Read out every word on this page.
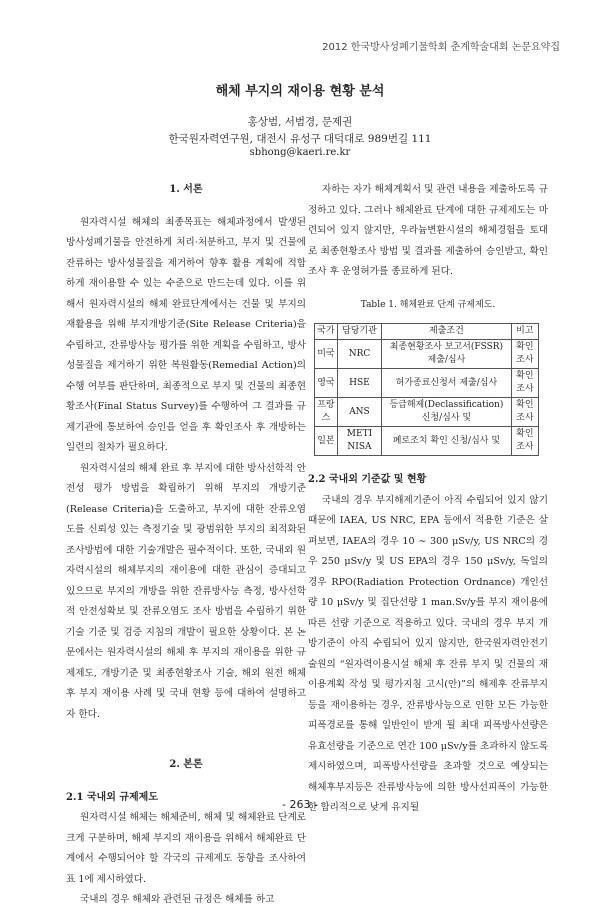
2012 한국방사성폐기물학회 춘계학술대회 논문요약집
해체 부지의 재이용 현황 분석
홍상범, 서범경, 문제권
한국원자력연구원, 대전시 유성구 대덕대로 989번길 111
sbhong@kaeri.re.kr
1. 서론

원자력시설 해체의 최종목표는 해체과정에서 발생된 방사성폐기물을 안전하게 처리·처분하고, 부지 및 건물에 잔류하는 방사성물질을 제거하여 향후 활용 계획에 적합하게 재이용할 수 있는 수준으로 만드는데 있다. 이를 위해서 원자력시설의 해체 완료단계에서는 건물 및 부지의 재활용을 위해 부지개방기준(Site Release Criteria)을 수립하고, 잔류방사능 평가를 위한 계획을 수립하고, 방사성물질을 제거하기 위한 복원활동(Remedial Action)의 수행 여부를 판단하며, 최종적으로 부지 및 건물의 최종현황조사(Final Status Survey)를 수행하여 그 결과를 규제기관에 통보하여 승인을 얻을 후 확인조사 후 개방하는 일련의 절차가 필요하다.

원자력시설의 해체 완료 후 부지에 대한 방사선학적 안전성 평가 방법을 확립하기 위해 부지의 개방기준(Release Criteria)을 도출하고, 부지에 대한 잔류오염도를 신뢰성 있는 측정기술 및 광범위한 부지의 최적화된 조사방법에 대한 기술개발은 필수적이다. 또한, 국내외 원자력시설의 해체부지의 재이용에 대한 관심이 증대되고 있으므로 부지의 개방을 위한 잔류방사능 측정, 방사선학적 안전성확보 및 잔류오염도 조사 방법을 수립하기 위한 기술 기준 및 검증 지침의 개발이 필요한 상황이다. 본 논문에서는 원자력시설의 해체 후 부지의 재이용을 위한 규제제도, 개방기준 및 최종현황조사 기술, 해외 원전 해체 후 부지 재이용 사례 및 국내 현황 등에 대하여 설명하고자 한다.

2. 본론
2.1 국내외 규제제도

원자력시설 해체는 해체준비, 해체 및 해체완료 단계로 크게 구분하며, 해체 부지의 재이용을 위해서 해체완료 단계에서 수행되어야 할 각국의 규제제도 동향을 조사하여 표 1에 제시하였다.

국내의 경우 해체와 관련된 규정은 해체를 하고

자하는 자가 해체계획서 및 관련 내용을 제출하도록 규정하고 있다. 그러나 해체완료 단계에 대한 규제제도는 마련되어 있지 않지만, 우라늄변환시설의 해체경험을 토대로 최종현황조사 방법 및 결과를 제출하여 승인받고, 확인조사 후 운영허가를 종료하게 된다.

Table 1. 해체완료 단계 규제제도.
국가	담당기관	제출조건	비고
미국	NRC	최종현황조사 보고서(FSSR) 제출/심사	확인조사
영국	HSE	허가종료신청서 제출/심사	확인조사
프랑스	ANS	등급해제(Declassification) 신청/심사 및	확인조사
일본	METI NISA	폐로조치 확인 신청/심사 및	확인조사
2.2 국내외 기준값 및 현황

국내의 경우 부지해제기준이 아직 수립되어 있지 않기 때문에 IAEA, US NRC, EPA 등에서 적용한 기준은 살펴보면, IAEA의 경우 10 ∼ 300 μSv/y, US NRC의 경우 250 μSv/y 및 US EPA의 경우 150 μSv/y, 독일의 경우 RPO(Radiation Protection Ordnance) 개인선량 10 μSv/y 및 집단선량 1 man.Sv/y를 부지 재이용에 따른 선량 기준으로 적용하고 있다. 국내의 경우 부지 개방기준이 아직 수립되어 있지 않지만, 한국원자력안전기술원의 “원자력이용시설 해체 후 잔류 부지 및 건물의 재이용계획 작성 및 평가지침 고시(안)”의 해제후 잔류부지 등을 재이용하는 경우, 잔류방사능으로 인한 모든 가능한 피폭경로를 통해 일반인이 받게 될 최대 피폭방사선량은 유효선량을 기준으로 연간 100 μSv/y를 초과하지 않도록 제시하였으며, 피폭방사선량을 초과할 것으로 예상되는 해체후부지등은 잔류방사능에 의한 방사선피폭이 가능한 한 합리적으로 낮게 유지될

- 263 -
